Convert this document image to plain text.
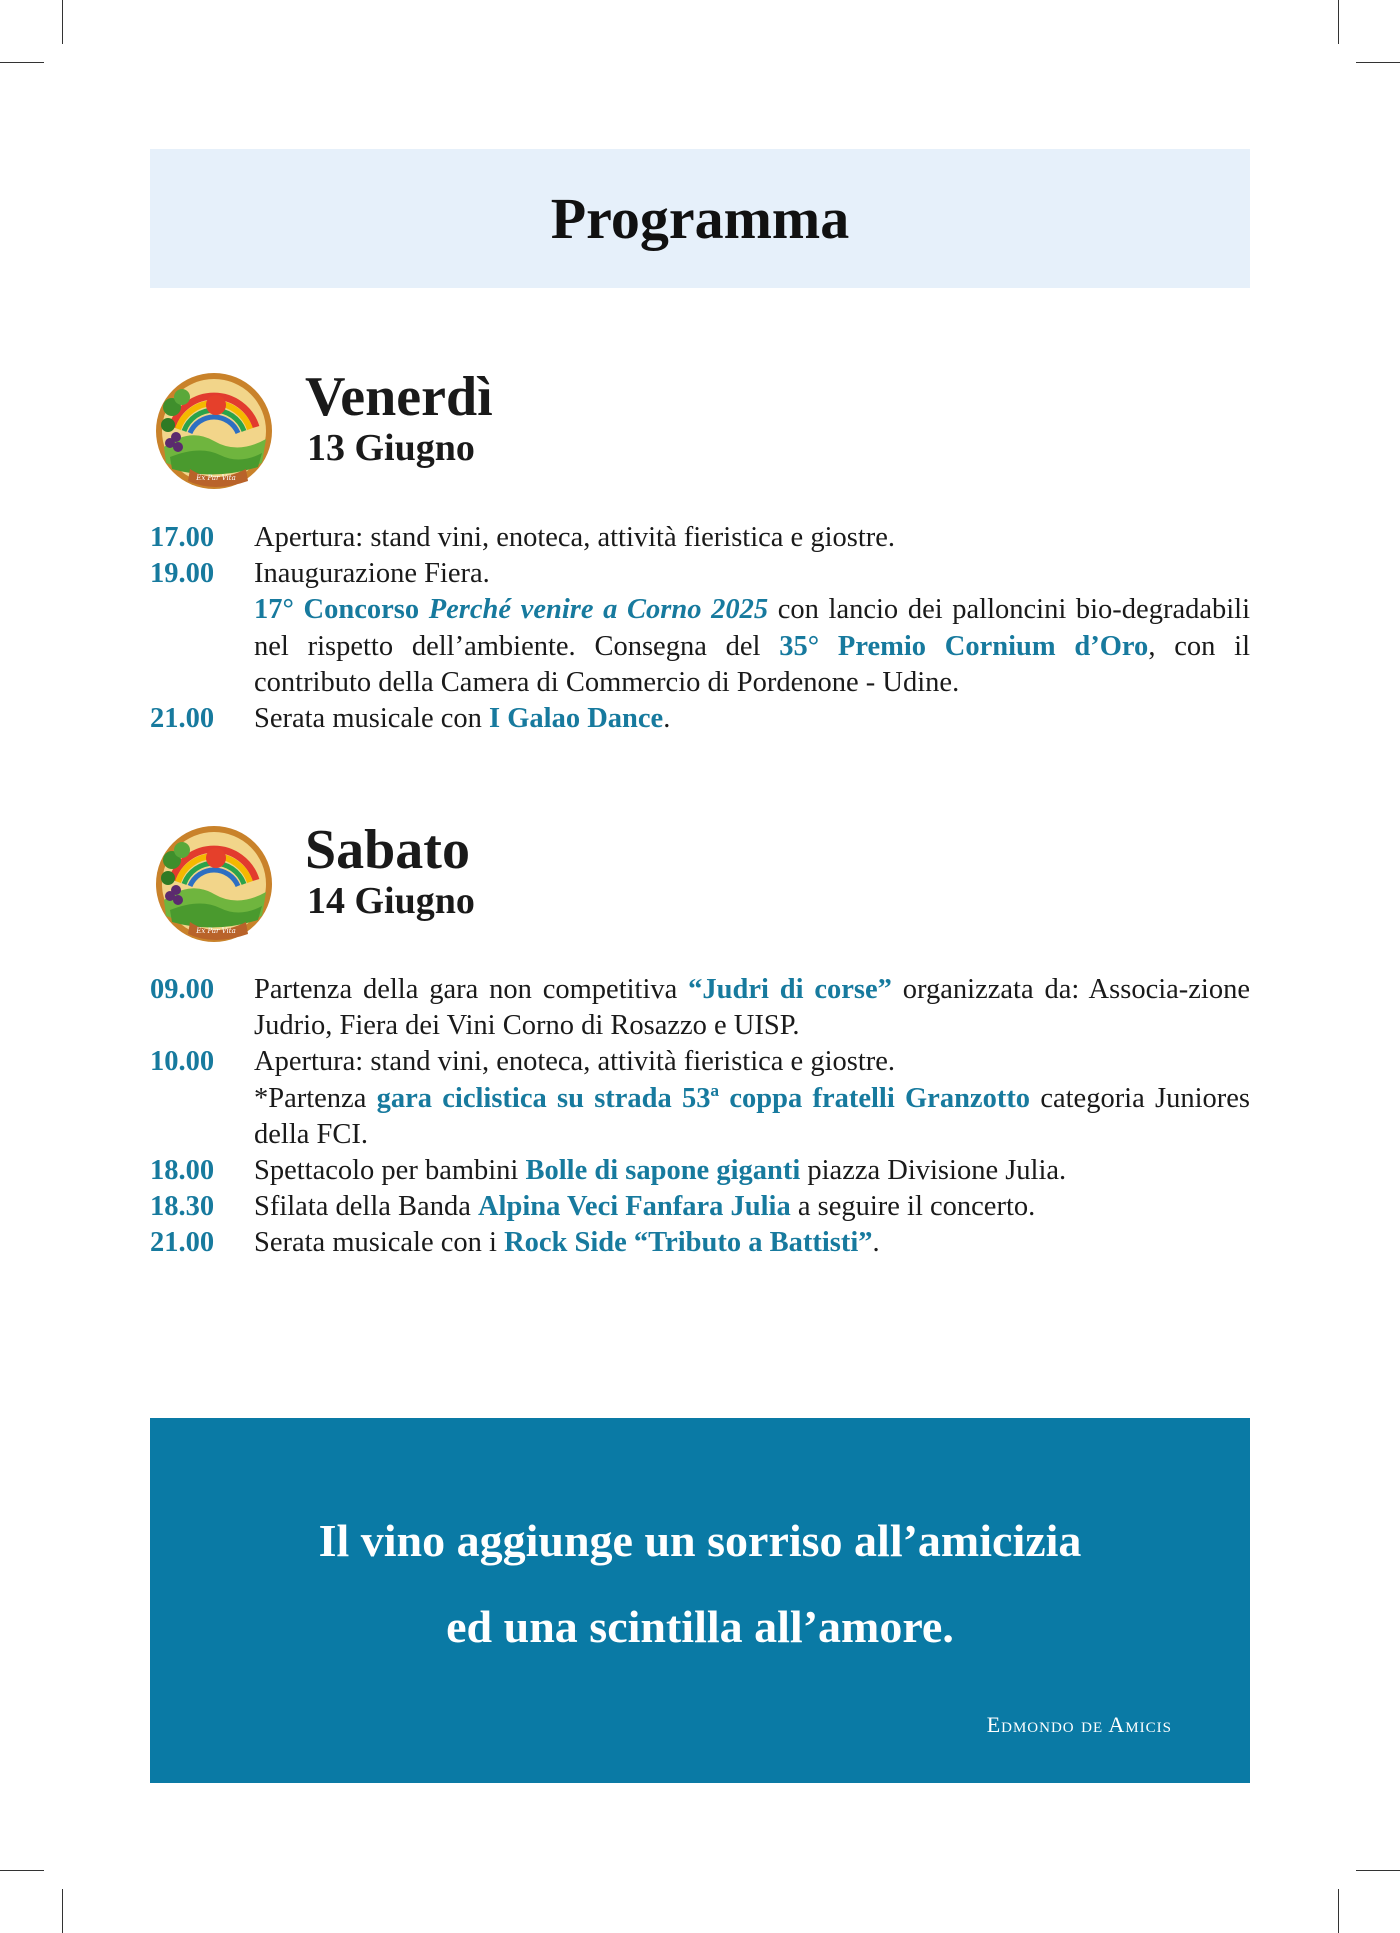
Programma
Ex Par Vita
Venerdì
13 Giugno
17.00	Apertura: stand vini, enoteca, attività fieristica e giostre.
19.00	Inaugurazione Fiera.
17° Concorso Perché venire a Corno 2025 con lancio dei palloncini bio-degradabili nel rispetto dell’ambiente. Consegna del 35° Premio Cornium d’Oro, con il contributo della Camera di Commercio di Pordenone - Udine.
21.00	Serata musicale con I Galao Dance.
Ex Par Vita
Sabato
14 Giugno
09.00	Partenza della gara non competitiva “Judri di corse” organizzata da: Associa-zione Judrio, Fiera dei Vini Corno di Rosazzo e UISP.
10.00	Apertura: stand vini, enoteca, attività fieristica e giostre.
*Partenza gara ciclistica su strada 53ª coppa fratelli Granzotto categoria Juniores della FCI.
18.00	Spettacolo per bambini Bolle di sapone giganti piazza Divisione Julia.
18.30	Sfilata della Banda Alpina Veci Fanfara Julia a seguire il concerto.
21.00	Serata musicale con i Rock Side “Tributo a Battisti”.
Il vino aggiunge un sorriso all’amicizia
ed una scintilla all’amore.
Edmondo de Amicis
